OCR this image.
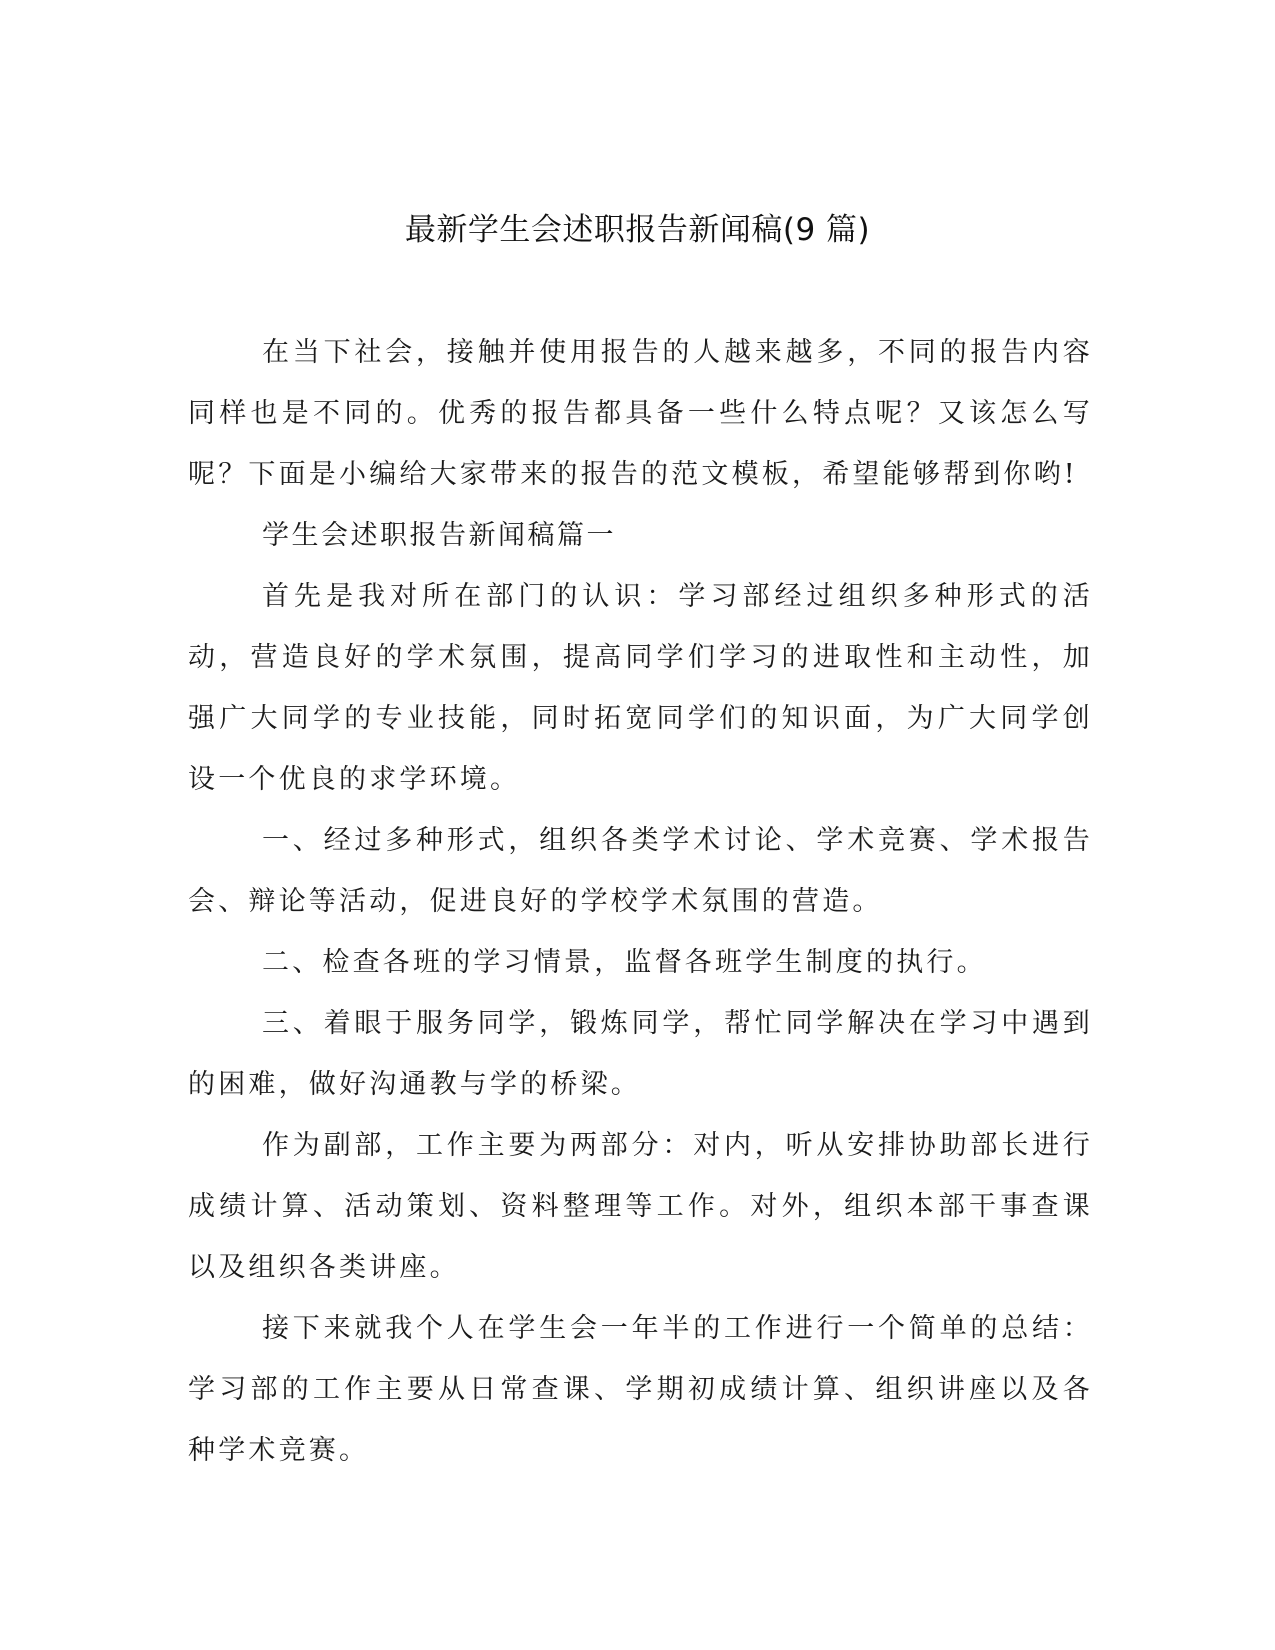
最新学生会述职报告新闻稿(9 篇)

在当下社会，接触并使用报告的人越来越多，不同的报告内容同样也是不同的。优秀的报告都具备一些什么特点呢？又该怎么写呢？下面是小编给大家带来的报告的范文模板，希望能够帮到你哟!

学生会述职报告新闻稿篇一

首先是我对所在部门的认识：学习部经过组织多种形式的活动，营造良好的学术氛围，提高同学们学习的进取性和主动性，加强广大同学的专业技能，同时拓宽同学们的知识面，为广大同学创设一个优良的求学环境。

一、经过多种形式，组织各类学术讨论、学术竞赛、学术报告会、辩论等活动，促进良好的学校学术氛围的营造。

二、检查各班的学习情景，监督各班学生制度的执行。

三、着眼于服务同学，锻炼同学，帮忙同学解决在学习中遇到的困难，做好沟通教与学的桥梁。

作为副部，工作主要为两部分：对内，听从安排协助部长进行成绩计算、活动策划、资料整理等工作。对外，组织本部干事查课以及组织各类讲座。

接下来就我个人在学生会一年半的工作进行一个简单的总结：学习部的工作主要从日常查课、学期初成绩计算、组织讲座以及各种学术竞赛。
